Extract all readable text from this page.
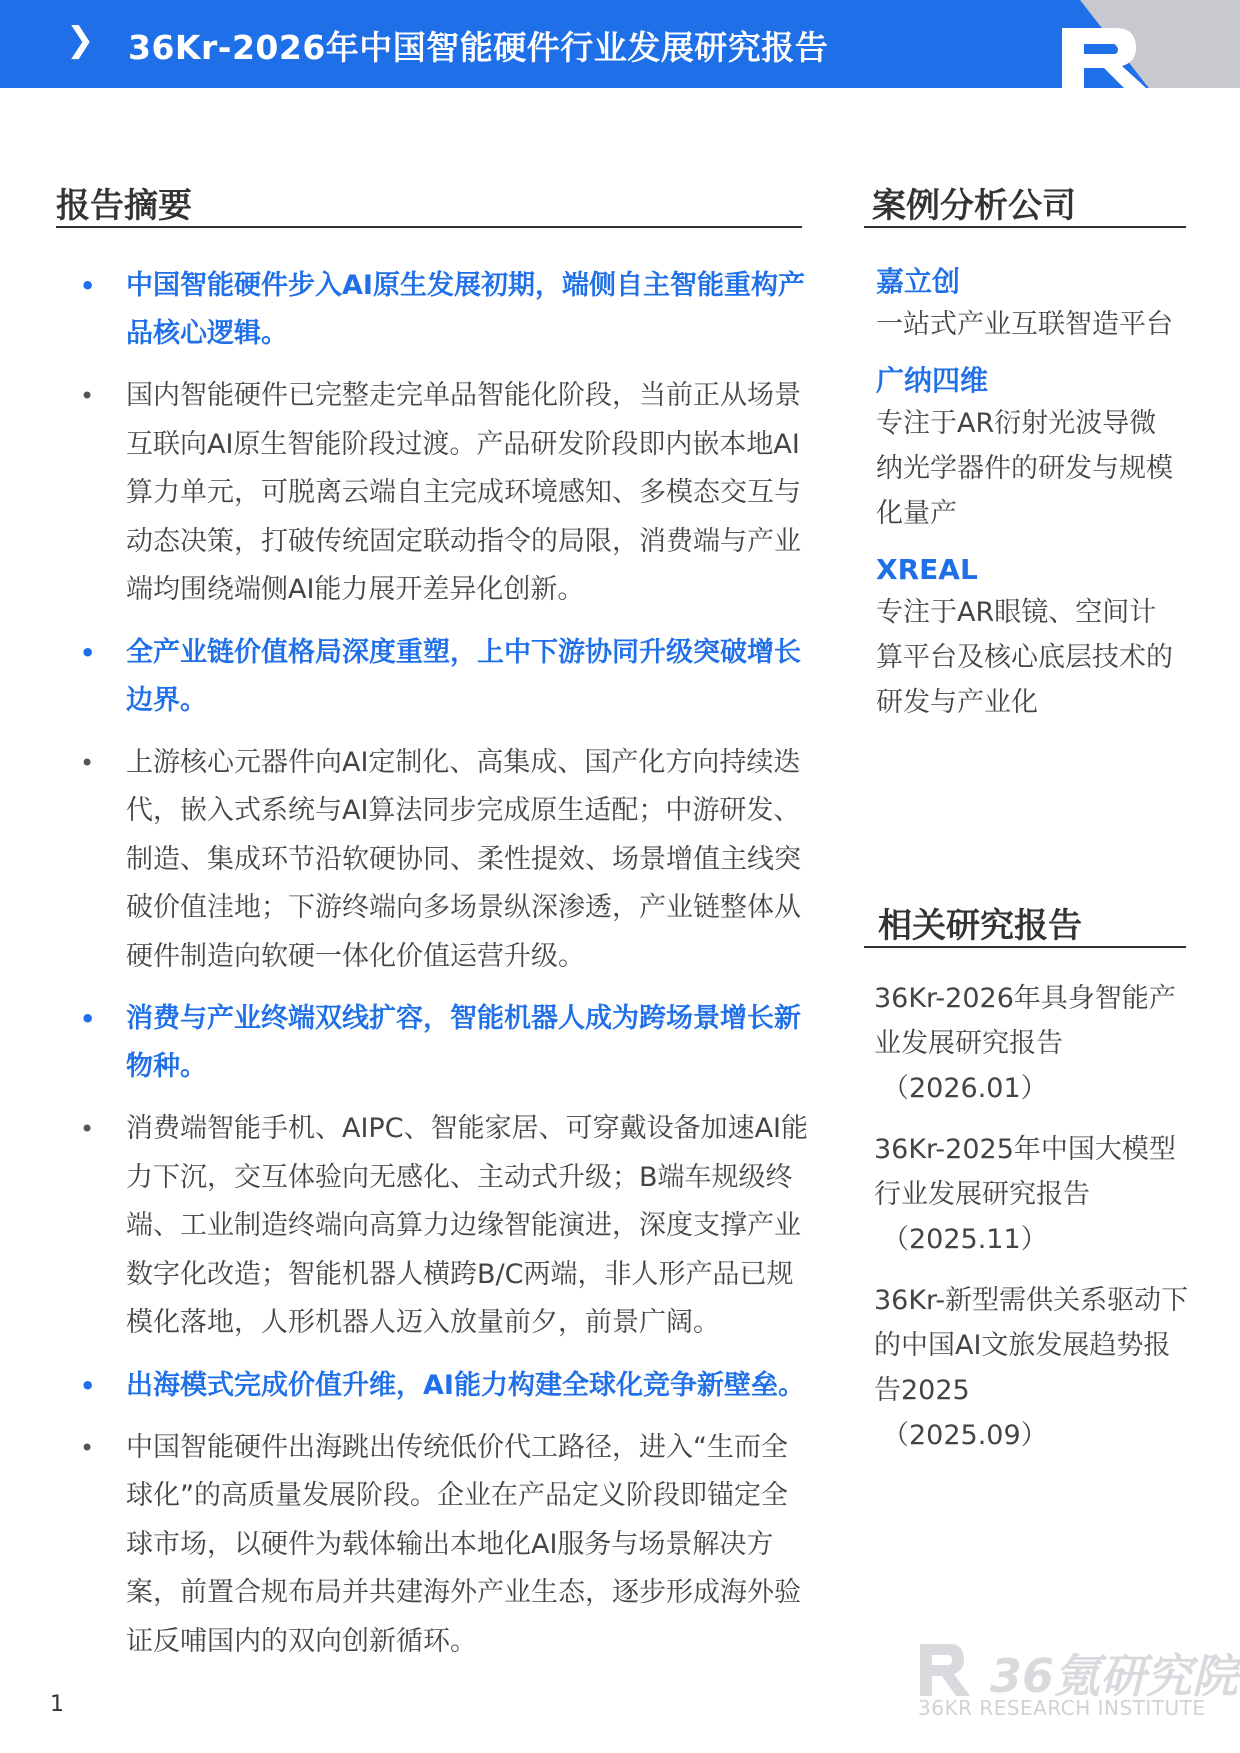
❯	36Kr-2026年中国智能硬件行业发展研究报告
报告摘要
• 中国智能硬件步入AI原生发展初期，端侧自主智能重构产品核心逻辑。
• 国内智能硬件已完整走完单品智能化阶段，当前正从场景互联向AI原生智能阶段过渡。产品研发阶段即内嵌本地AI算力单元，可脱离云端自主完成环境感知、多模态交互与动态决策，打破传统固定联动指令的局限，消费端与产业端均围绕端侧AI能力展开差异化创新。
• 全产业链价值格局深度重塑，上中下游协同升级突破增长边界。
• 上游核心元器件向AI定制化、高集成、国产化方向持续迭代，嵌入式系统与AI算法同步完成原生适配；中游研发、制造、集成环节沿软硬协同、柔性提效、场景增值主线突破价值洼地；下游终端向多场景纵深渗透，产业链整体从硬件制造向软硬一体化价值运营升级。
• 消费与产业终端双线扩容，智能机器人成为跨场景增长新物种。
• 消费端智能手机、AIPC、智能家居、可穿戴设备加速AI能力下沉，交互体验向无感化、主动式升级；B端车规级终端、工业制造终端向高算力边缘智能演进，深度支撑产业数字化改造；智能机器人横跨B/C两端，非人形产品已规模化落地，人形机器人迈入放量前夕，前景广阔。
• 出海模式完成价值升维，AI能力构建全球化竞争新壁垒。
• 中国智能硬件出海跳出传统低价代工路径，进入“生而全球化”的高质量发展阶段。企业在产品定义阶段即锚定全球市场，以硬件为载体输出本地化AI服务与场景解决方案，前置合规布局并共建海外产业生态，逐步形成海外验证反哺国内的双向创新循环。
案例分析公司
嘉立创
一站式产业互联智造平台
广纳四维
专注于AR衍射光波导微纳光学器件的研发与规模化量产
XREAL
专注于AR眼镜、空间计算平台及核心底层技术的研发与产业化
相关研究报告
36Kr-2026年具身智能产业发展研究报告
（2026.01）
36Kr-2025年中国大模型行业发展研究报告
（2025.11）
36Kr-新型需供关系驱动下的中国AI文旅发展趋势报告2025
（2025.09）
1
36氪研究院
36KR RESEARCH INSTITUTE
